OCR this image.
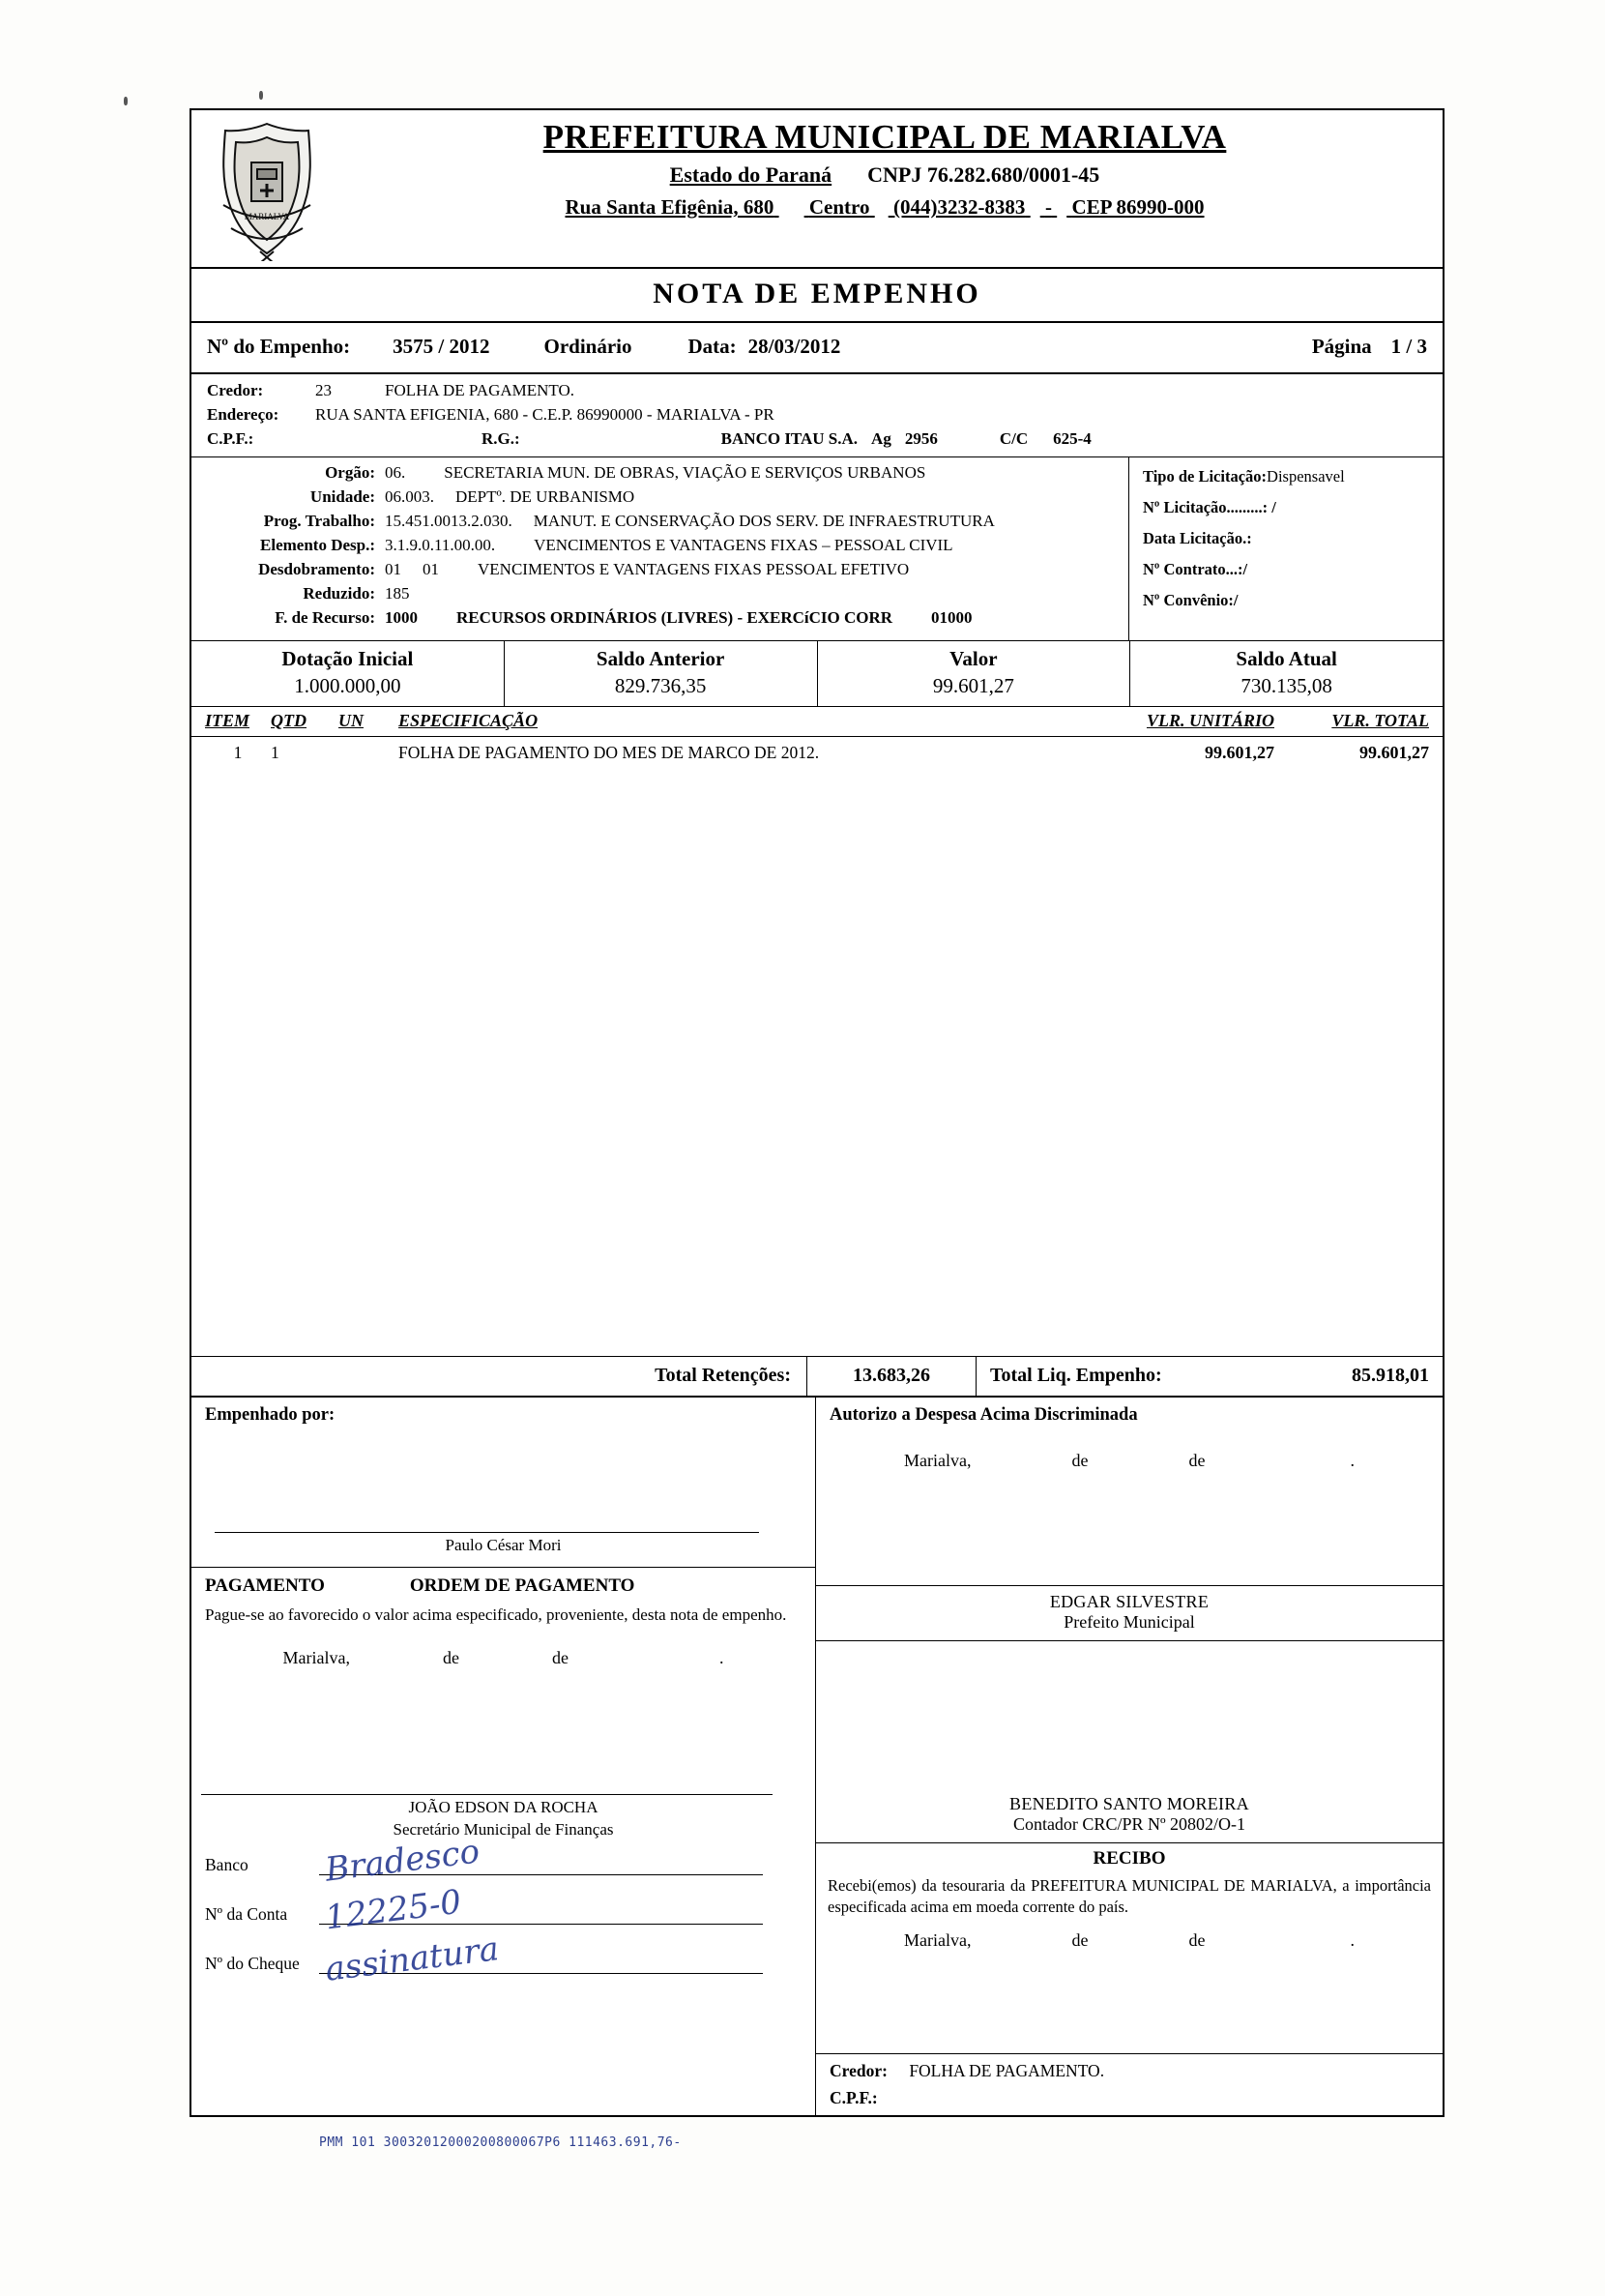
MARIALVA
PREFEITURA MUNICIPAL DE MARIALVA
Estado do Paraná CNPJ 76.282.680/0001-45
Rua Santa Efigênia, 680 Centro (044)3232-8383 - CEP 86990-000
NOTA DE EMPENHO
Nº do Empenho: 3575 / 2012	Ordinário	Data: 28/03/2012	Página 1 / 3
Credor:	23	FOLHA DE PAGAMENTO.
Endereço:	RUA SANTA EFIGENIA, 680 - C.E.P. 86990000 - MARIALVA - PR
C.P.F.:	R.G.:	BANCO ITAU S.A. Ag 2956	C/C 625-4
Orgão: 06. SECRETARIA MUN. DE OBRAS, VIAÇÃO E SERVIÇOS URBANOS
Unidade: 06.003. DEPTº. DE URBANISMO
Prog. Trabalho: 15.451.0013.2.030. MANUT. E CONSERVAÇÃO DOS SERV. DE INFRAESTRUTURA
Elemento Desp.: 3.1.9.0.11.00.00. VENCIMENTOS E VANTAGENS FIXAS – PESSOAL CIVIL
Desdobramento: 01 01 VENCIMENTOS E VANTAGENS FIXAS PESSOAL EFETIVO
Reduzido: 185
F. de Recurso: 1000 RECURSOS ORDINÁRIOS (LIVRES) - EXERCíCIO CORR 01000
Tipo de Licitação:Dispensavel
Nº Licitação.........: /
Data Licitação.:
Nº Contrato...:/
Nº Convênio:/
Dotação Inicial
1.000.000,00
Saldo Anterior
829.736,35
Valor
99.601,27
Saldo Atual
730.135,08
ITEM	QTD	UN	ESPECIFICAÇÃO	VLR. UNITÁRIO	VLR. TOTAL
1	1	FOLHA DE PAGAMENTO DO MES DE MARCO DE 2012.	99.601,27	99.601,27
Total Retenções:	13.683,26	Total Liq. Empenho:	85.918,01
Empenhado por:
Paulo César Mori
PAGAMENTO	ORDEM DE PAGAMENTO
Pague-se ao favorecido o valor acima especificado, proveniente, desta nota de empenho.
Marialva,	de	de	.
JOÃO EDSON DA ROCHA
Secretário Municipal de Finanças
Banco	Bradesco
Nº da Conta	12225-0
Nº do Cheque assinatura
Autorizo a Despesa Acima Discriminada
Marialva,	de	de	.
EDGAR SILVESTRE
Prefeito Municipal
BENEDITO SANTO MOREIRA
Contador CRC/PR Nº 20802/O-1
RECIBO
Recebi(emos) da tesouraria da PREFEITURA MUNICIPAL DE MARIALVA, a importância especificada acima em moeda corrente do país.
Marialva,	de	de	.
Credor: FOLHA DE PAGAMENTO.
C.P.F.:
PMM 101 30032012000200800067P6 111463.691,76-
